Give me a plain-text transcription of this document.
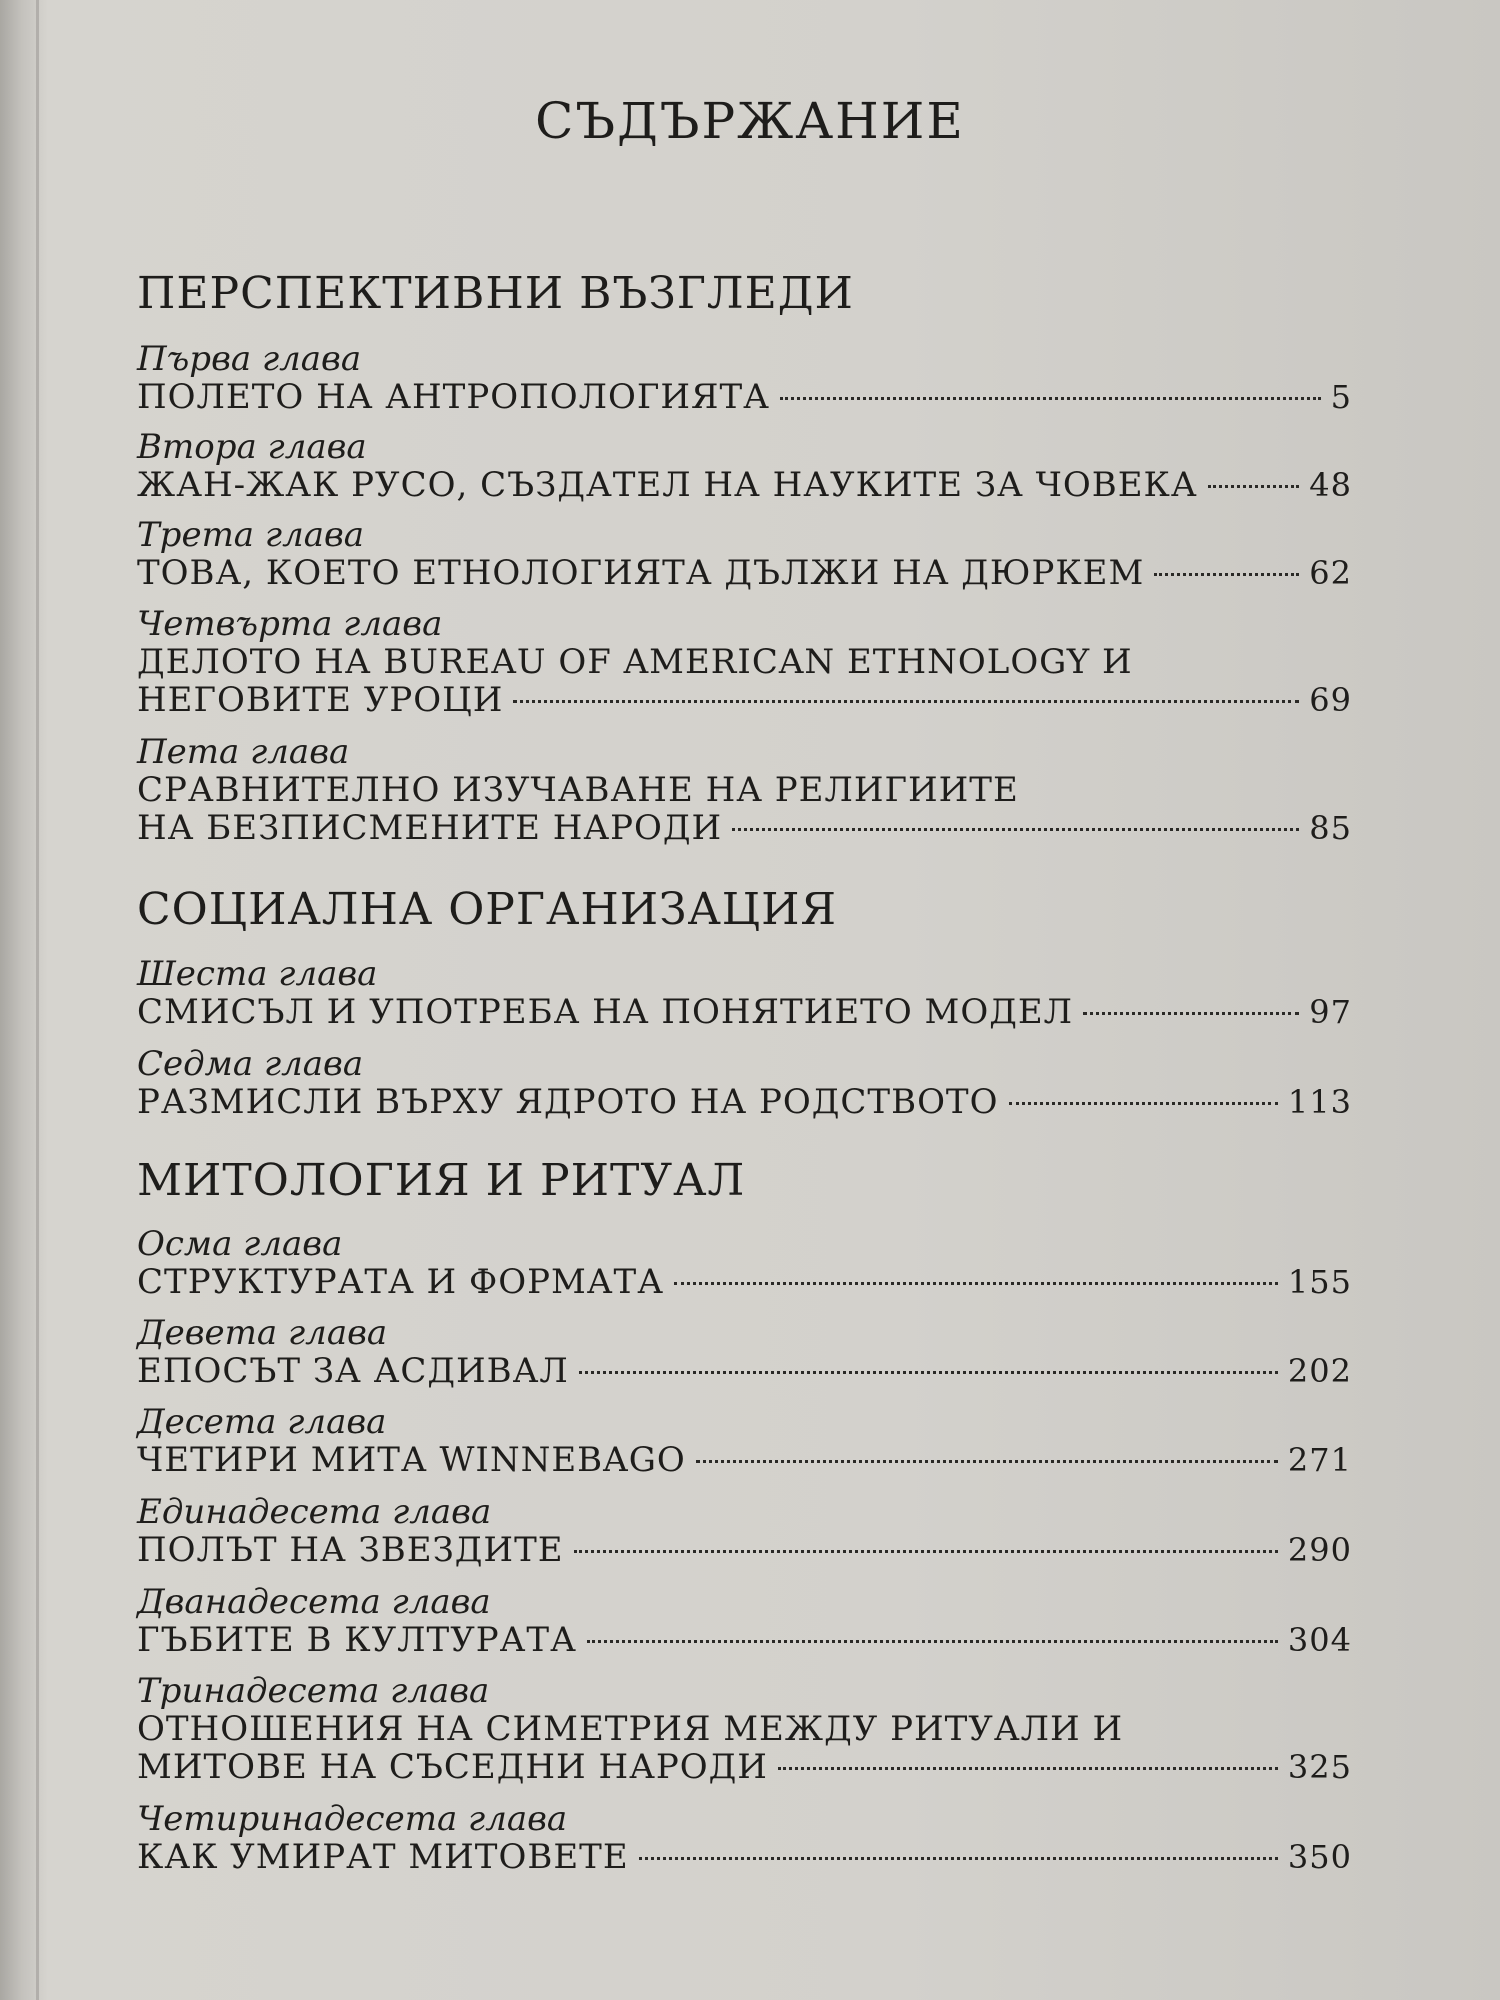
СЪДЪРЖАНИЕ
ПЕРСПЕКТИВНИ ВЪЗГЛЕДИ
Първа глава
ПОЛЕТО НА АНТРОПОЛОГИЯТА	5
Втора глава
ЖАН-ЖАК РУСО, СЪЗДАТЕЛ НА НАУКИТЕ ЗА ЧОВЕКА	48
Трета глава
ТОВА, КОЕТО ЕТНОЛОГИЯТА ДЪЛЖИ НА ДЮРКЕМ	62
Четвърта глава
ДЕЛОТО НА BUREAU OF AMERICAN ETHNOLOGY И
НЕГОВИТЕ УРОЦИ	69
Пета глава
СРАВНИТЕЛНО ИЗУЧАВАНЕ НА РЕЛИГИИТЕ
НА БЕЗПИСМЕНИТЕ НАРОДИ	85
СОЦИАЛНА ОРГАНИЗАЦИЯ
Шеста глава
СМИСЪЛ И УПОТРЕБА НА ПОНЯТИЕТО МОДЕЛ	97
Седма глава
РАЗМИСЛИ ВЪРХУ ЯДРОТО НА РОДСТВОТО	113
МИТОЛОГИЯ И РИТУАЛ
Осма глава
СТРУКТУРАТА И ФОРМАТА	155
Девета глава
ЕПОСЪТ ЗА АСДИВАЛ	202
Десета глава
ЧЕТИРИ МИТА WINNEBAGO	271
Единадесета глава
ПОЛЪТ НА ЗВЕЗДИТЕ	290
Дванадесета глава
ГЪБИТЕ В КУЛТУРАТА	304
Тринадесета глава
ОТНОШЕНИЯ НА СИМЕТРИЯ МЕЖДУ РИТУАЛИ И
МИТОВЕ НА СЪСЕДНИ НАРОДИ	325
Четиринадесета глава
КАК УМИРАТ МИТОВЕТЕ	350
